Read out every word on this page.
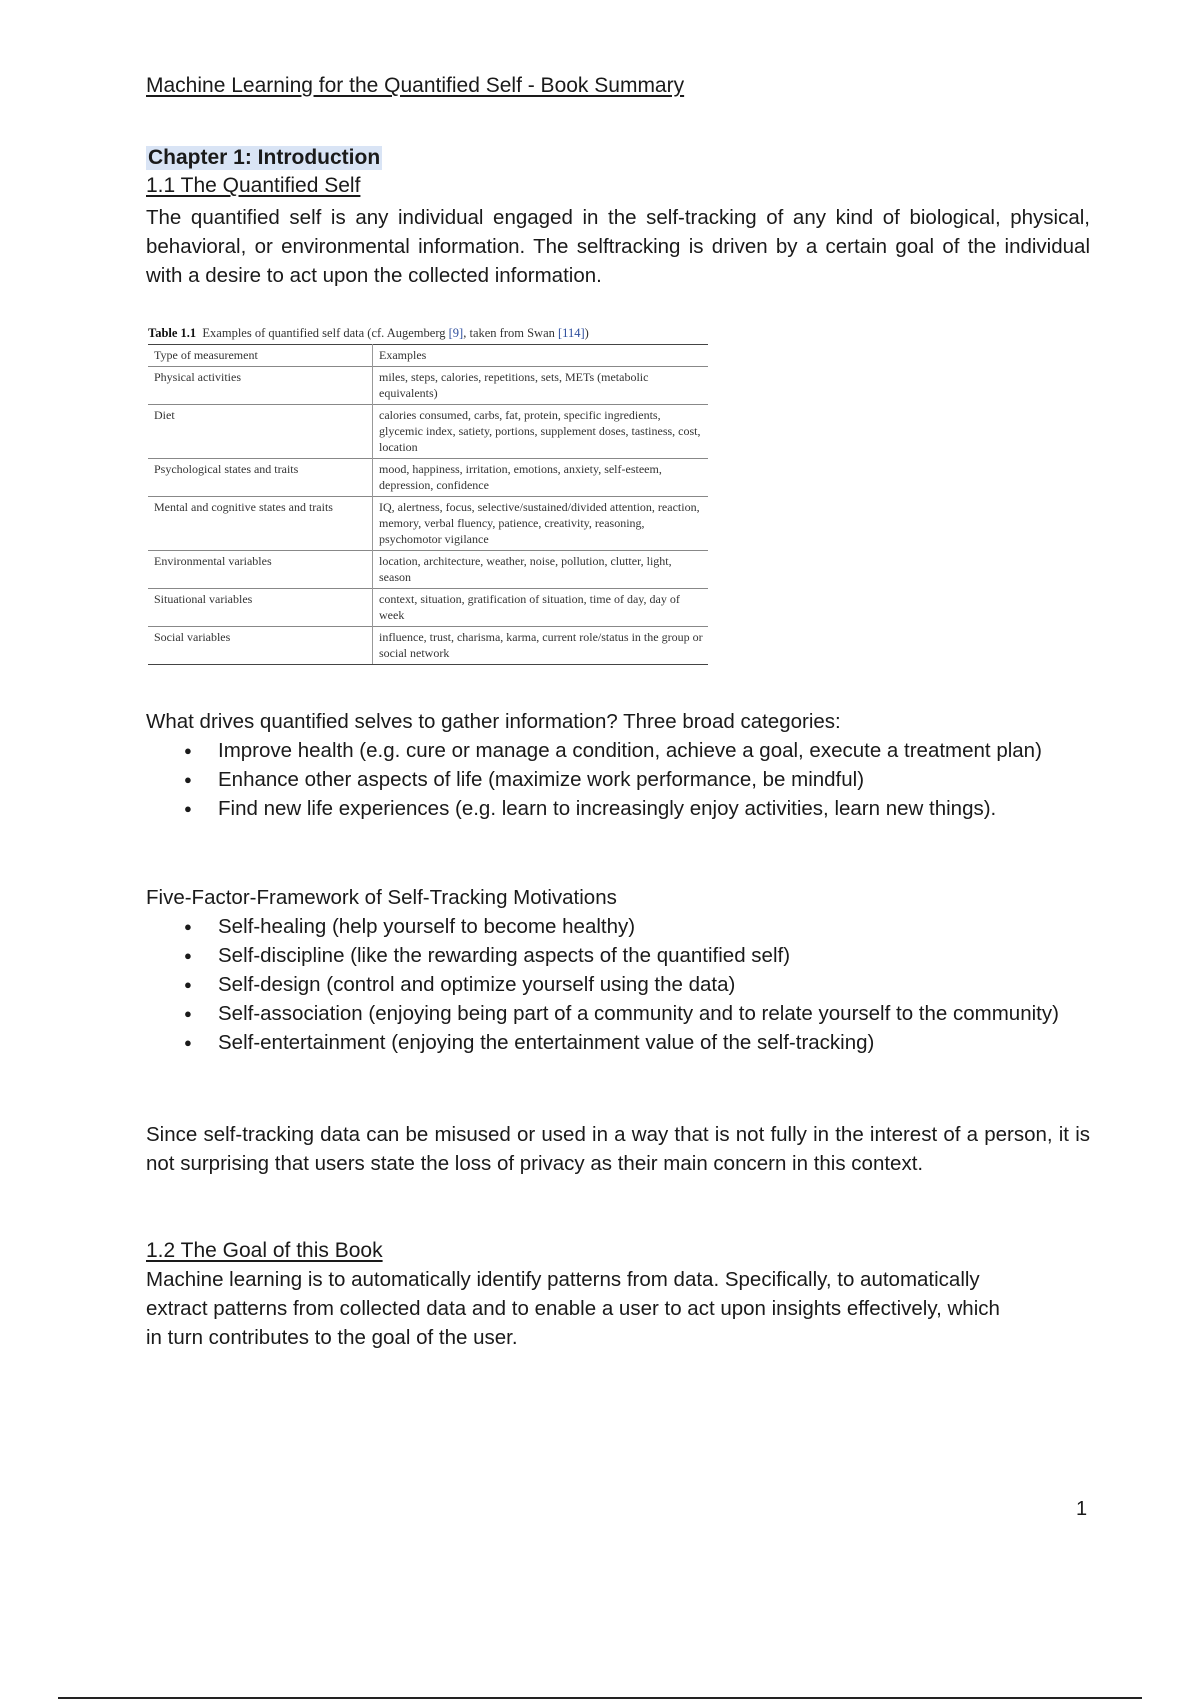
Machine Learning for the Quantified Self - Book Summary
Chapter 1: Introduction
1.1 The Quantified Self

The quantified self is any individual engaged in the self-tracking of any kind of biological, physical, behavioral, or environmental information. The selftracking is driven by a certain goal of the individual with a desire to act upon the collected information.

Table 1.1 Examples of quantified self data (cf. Augemberg [9], taken from Swan [114])
Type of measurement	Examples
Physical activities	miles, steps, calories, repetitions, sets, METs (metabolic equivalents)
Diet	calories consumed, carbs, fat, protein, specific ingredients, glycemic index, satiety, portions, supplement doses, tastiness, cost, location
Psychological states and traits	mood, happiness, irritation, emotions, anxiety, self-esteem, depression, confidence
Mental and cognitive states and traits	IQ, alertness, focus, selective/sustained/divided attention, reaction, memory, verbal fluency, patience, creativity, reasoning, psychomotor vigilance
Environmental variables	location, architecture, weather, noise, pollution, clutter, light, season
Situational variables	context, situation, gratification of situation, time of day, day of week
Social variables	influence, trust, charisma, karma, current role/status in the group or social network

What drives quantified selves to gather information? Three broad categories:

● Improve health (e.g. cure or manage a condition, achieve a goal, execute a treatment plan)
● Enhance other aspects of life (maximize work performance, be mindful)
● Find new life experiences (e.g. learn to increasingly enjoy activities, learn new things).

Five-Factor-Framework of Self-Tracking Motivations

● Self-healing (help yourself to become healthy)
● Self-discipline (like the rewarding aspects of the quantified self)
● Self-design (control and optimize yourself using the data)
● Self-association (enjoying being part of a community and to relate yourself to the community)
● Self-entertainment (enjoying the entertainment value of the self-tracking)

Since self-tracking data can be misused or used in a way that is not fully in the interest of a person, it is not surprising that users state the loss of privacy as their main concern in this context.

1.2 The Goal of this Book
Machine learning is to automatically identify patterns from data. Specifically, to automatically
extract patterns from collected data and to enable a user to act upon insights effectively, which
in turn contributes to the goal of the user.
1
